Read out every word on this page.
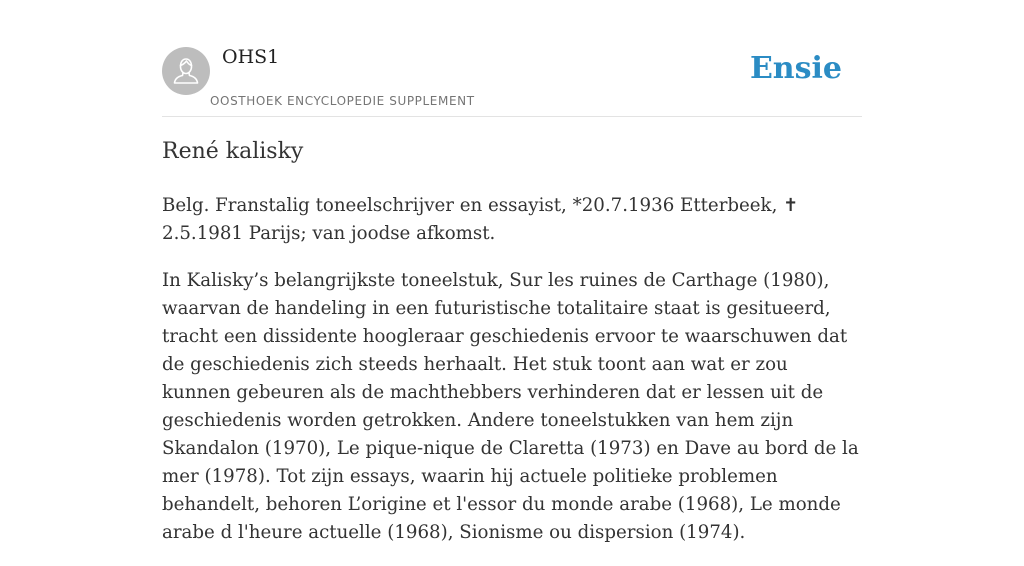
OHS1
OOSTHOEK ENCYCLOPEDIE SUPPLEMENT
Ensie
René kalisky

Belg. Franstalig toneelschrijver en essayist, *20.7.1936 Etterbeek, ✝ 2.5.1981 Parijs; van joodse afkomst.

In Kalisky’s belangrijkste toneelstuk, Sur les ruines de Carthage (1980), waarvan de handeling in een futuristische totalitaire staat is gesitueerd, tracht een dissidente hoogleraar geschiedenis ervoor te waarschuwen dat de geschiedenis zich steeds herhaalt. Het stuk toont aan wat er zou kunnen gebeuren als de machthebbers verhinderen dat er lessen uit de geschiedenis worden getrokken. Andere toneelstukken van hem zijn Skandalon (1970), Le pique-nique de Claretta (1973) en Dave au bord de la mer (1978). Tot zijn essays, waarin hij actuele politieke problemen behandelt, behoren L’origine et l'essor du monde arabe (1968), Le monde arabe d l'heure actuelle (1968), Sionisme ou dispersion (1974).
